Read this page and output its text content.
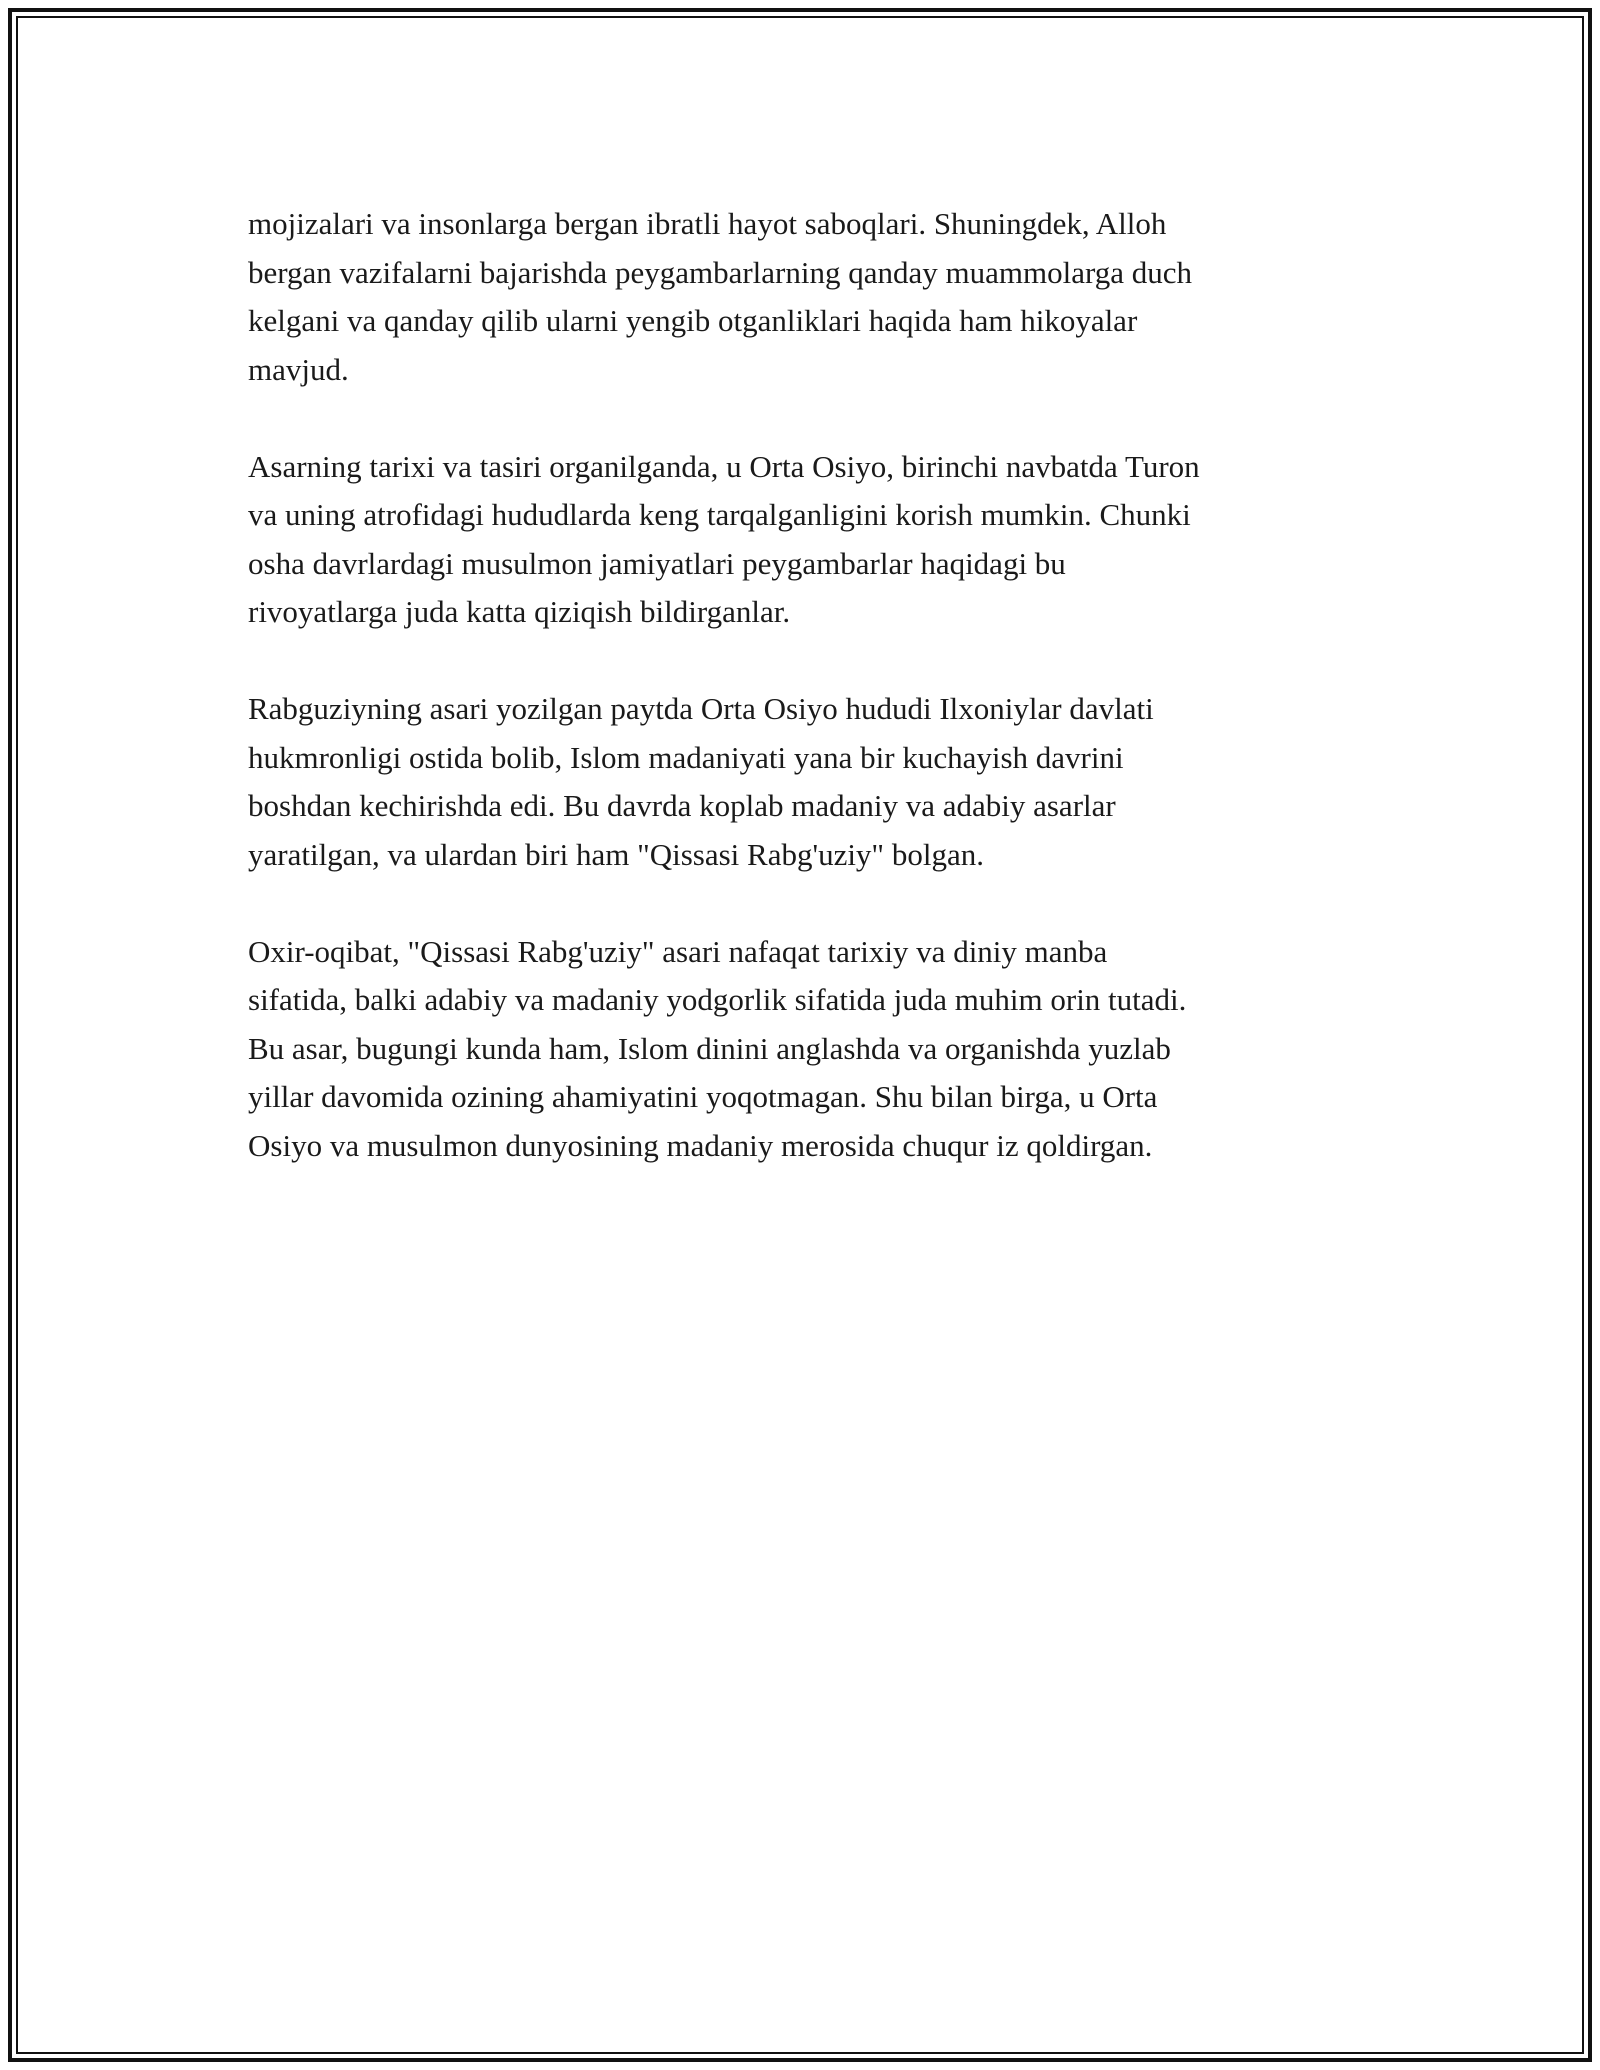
mojizalari va insonlarga bergan ibratli hayot saboqlari. Shuningdek, Alloh
bergan vazifalarni bajarishda peygambarlarning qanday muammolarga duch
kelgani va qanday qilib ularni yengib otganliklari haqida ham hikoyalar
mavjud.

Asarning tarixi va tasiri organilganda, u Orta Osiyo, birinchi navbatda Turon
va uning atrofidagi hududlarda keng tarqalganligini korish mumkin. Chunki
osha davrlardagi musulmon jamiyatlari peygambarlar haqidagi bu
rivoyatlarga juda katta qiziqish bildirganlar.

Rabguziyning asari yozilgan paytda Orta Osiyo hududi Ilxoniylar davlati
hukmronligi ostida bolib, Islom madaniyati yana bir kuchayish davrini
boshdan kechirishda edi. Bu davrda koplab madaniy va adabiy asarlar
yaratilgan, va ulardan biri ham "Qissasi Rabg'uziy" bolgan.

Oxir-oqibat, "Qissasi Rabg'uziy" asari nafaqat tarixiy va diniy manba
sifatida, balki adabiy va madaniy yodgorlik sifatida juda muhim orin tutadi.
Bu asar, bugungi kunda ham, Islom dinini anglashda va organishda yuzlab
yillar davomida ozining ahamiyatini yoqotmagan. Shu bilan birga, u Orta
Osiyo va musulmon dunyosining madaniy merosida chuqur iz qoldirgan.
